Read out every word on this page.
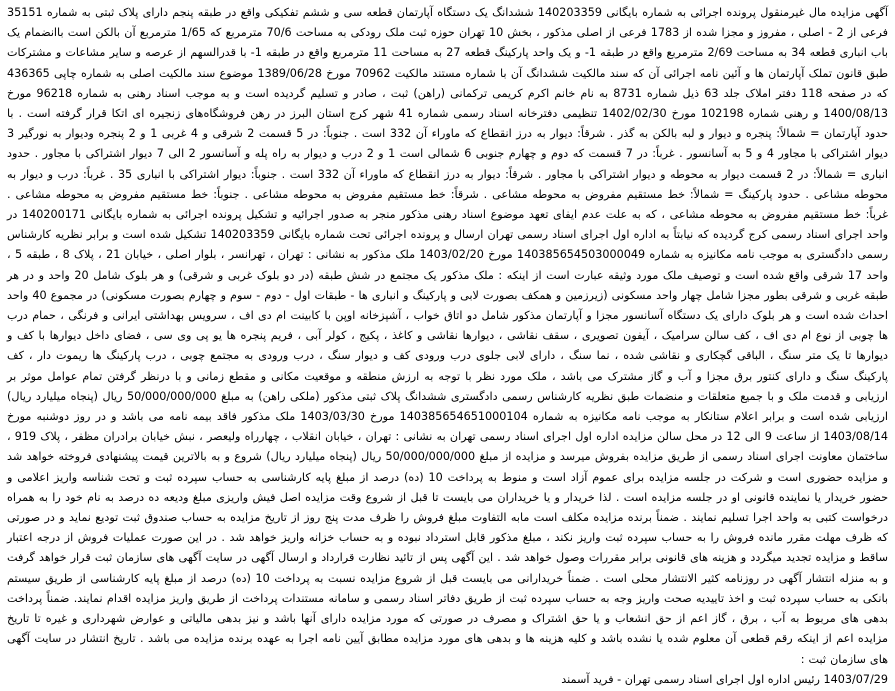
آگهی مزایده مال غیرمنقول پرونده اجرائی به شماره بایگانی 140203359 ششدانگ یک دستگاه آپارتمان قطعه سی و ششم تفکیکی واقع در طبقه پنجم دارای پلاک ثبتی به شماره 35151 فرعی از 2 - اصلی ، مفروز و مجزا شده از 1783 فرعی از اصلی مذکور ، بخش 10 تهران حوزه ثبت ملک رودکی به مساحت 70/6 مترمربع که 1/65 مترمربع آن بالکن است باانضمام یک باب انباری قطعه 34 به مساحت 2/69 مترمربع واقع در طبقه 1- و یک واحد پارکینگ قطعه 27 به مساحت 11 مترمربع واقع در طبقه 1- با قدرالسهم از عرصه و سایر مشاعات و مشترکات طبق قانون تملک آپارتمان ها و آئین نامه اجرائی آن که سند مالکیت ششدانگ آن با شماره مستند مالکیت 70962 مورخ 1389/06/28 موضوع سند مالکیت اصلی به شماره چاپی 436365 که در صفحه 118 دفتر املاک جلد 63 ذیل شماره 8731 به نام خانم اکرم کریمی ترکمانی (راهن) ثبت ، صادر و تسلیم گردیده است و به موجب اسناد رهنی به شماره 96218 مورخ 1400/08/13 و رهنی شماره 102198 مورخ 1402/02/30 تنظیمی دفترخانه اسناد رسمی شماره 41 شهر کرج استان البرز در رهن فروشگاه‌های زنجیره ای اتکا قرار گرفته است . با حدود آپارتمان = شمالاً: پنجره و دیوار و لبه بالکن به گذر . شرقاً: دیوار به درز انقطاع که ماوراء آن 332 است . جنوباً: در 5 قسمت 2 شرقی و 4 غربی 1 و 2 پنجره ودیوار به نورگیر 3 دیوار اشتراکی با مجاور 4 و 5 به آسانسور . غرباً: در 7 قسمت که دوم و چهارم جنوبی 6 شمالی است 1 و 2 درب و دیوار به راه پله و آسانسور 2 الی 7 دیوار اشتراکی با مجاور . حدود انباری = شمالاً: در 2 قسمت دیوار به محوطه و دیوار اشتراکی با مجاور . شرقاً: دیوار به درز انقطاع که ماوراء آن 332 است . جنوباً: دیوار اشتراکی با انباری 35 . غرباً: درب و دیوار به محوطه مشاعی . حدود پارکینگ = شمالاً: خط مستقیم مفروض به محوطه مشاعی . شرقاً: خط مستقیم مفروض به محوطه مشاعی . جنوباً: خط مستقیم مفروض به محوطه مشاعی . غرباً: خط مستقیم مفروض به محوطه مشاعی ، که به علت عدم ایفای تعهد موضوع اسناد رهنی مذکور منجر به صدور اجرائیه و تشکیل پرونده اجرائی به شماره بایگانی 140200171 در واحد اجرای اسناد رسمی کرج گردیده که نیابتاً به اداره اول اجرای اسناد رسمی تهران ارسال و پرونده اجرائی تحت شماره بایگانی 140203359 تشکیل شده است و برابر نظریه کارشناس رسمی دادگستری به موجب نامه مکانیزه به شماره 140385654503000049 مورخ 1403/02/20 ملک مذکور به نشانی : تهران ، تهرانسر ، بلوار اصلی ، خیابان 21 ، پلاک 8 ، طبقه 5 ، واحد 17 شرقی واقع شده است و توصیف ملک مورد وثیقه عبارت است از اینکه : ملک مذکور یک مجتمع در شش طبقه (در دو بلوک غربی و شرقی) و هر بلوک شامل 20 واحد و در هر طبقه غربی و شرقی بطور مجزا شامل چهار واحد مسکونی (زیرزمین و همکف بصورت لابی و پارکینگ و انباری ها - طبقات اول - دوم - سوم و چهارم بصورت مسکونی) در مجموع 40 واحد احداث شده است و هر بلوک دارای یک دستگاه آسانسور مجزا و آپارتمان مذکور شامل دو اتاق خواب ، آشپزخانه اوپن با کابینت ام دی اف ، سرویس بهداشتی ایرانی و فرنگی ، حمام درب ها چوبی از نوع ام دی اف ، کف سالن سرامیک ، آیفون تصویری ، سقف نقاشی ، دیوارها نقاشی و کاغذ ، پکیج ، کولر آبی ، فریم پنجره ها یو پی وی سی ، فضای داخل دیوارها با کف و دیوارها تا یک متر سنگ ، الباقی گچکاری و نقاشی شده ، نما سنگ ، دارای لابی جلوی درب ورودی کف و دیوار سنگ ، درب ورودی به مجتمع چوبی ، درب پارکینگ ها ریموت دار ، کف پارکینگ سنگ و دارای کنتور برق مجزا و آب و گاز مشترک می باشد ، ملک مورد نظر با توجه به ارزش منطقه و موقعیت مکانی و مقطع زمانی و با درنظر گرفتن تمام عوامل موثر بر ارزیابی و قدمت ملک و با جمیع متعلقات و منضمات طبق نظریه کارشناس رسمی دادگستری ششدانگ پلاک ثبتی مذکور (ملکی راهن) به مبلغ 50/000/000/000 ریال (پنجاه میلیارد ریال) ارزیابی شده است و برابر اعلام ستانکار به موجب نامه مکانیزه به شماره 140385654651000104 مورخ 1403/03/30 ملک مذکور فاقد بیمه نامه می باشد و در روز دوشنبه مورخ 1403/08/14 از ساعت 9 الی 12 در محل سالن مزایده اداره اول اجرای اسناد رسمی تهران به نشانی : تهران ، خیابان انقلاب ، چهارراه ولیعصر ، نبش خیابان برادران مظفر ، پلاک 919 ، ساختمان معاونت اجرای اسناد رسمی از طریق مزایده بفروش میرسد و مزایده از مبلغ 50/000/000/000 ریال (پنجاه میلیارد ریال) شروع و به بالاترین قیمت پیشنهادی فروخته خواهد شد و مزایده حضوری است و شرکت در جلسه مزایده برای عموم آزاد است و منوط به پرداخت 10 (ده) درصد از مبلغ پایه کارشناسی به حساب سپرده ثبت و تحت شناسه واریز اعلامی و حضور خریدار یا نماینده قانونی او در جلسه مزایده است . لذا خریدار و یا خریداران می بایست تا قبل از شروع وقت مزایده اصل فیش واریزی مبلغ ودیعه ده درصد به نام خود را به همراه درخواست کتبی به واحد اجرا تسلیم نمایند . ضمناً برنده مزایده مکلف است مابه التفاوت مبلغ فروش را ظرف مدت پنج روز از تاریخ مزایده به حساب صندوق ثبت تودیع نماید و در صورتی که ظرف مهلت مقرر مانده فروش را به حساب سپرده ثبت واریز نکند ، مبلغ مذکور قابل استرداد نبوده و به حساب خزانه واریز خواهد شد . در این صورت عملیات فروش از درجه اعتبار ساقط و مزایده تجدید میگردد و هزینه های قانونی برابر مقررات وصول خواهد شد . این آگهی پس از تائید نظارت قرارداد و ارسال آگهی در سایت آگهی های سازمان ثبت قرار خواهد گرفت و به منزله انتشار آگهی در روزنامه کثیر الانتشار محلی است . ضمناً خریدارانی می بایست قبل از شروع مزایده نسبت به پرداخت 10 (ده) درصد از مبلغ پایه کارشناسی از طریق سیستم بانکی به حساب سپرده ثبت و اخذ تاییدیه صحت واریز وجه به حساب سپرده ثبت از طریق دفاتر اسناد رسمی و سامانه مستندات پرداخت از طریق واریز مزایده اقدام نمایند. ضمناً پرداخت بدهی های مربوط به آب ، برق ، گاز اعم از حق انشعاب و یا حق اشتراک و مصرف در صورتی که مورد مزایده دارای آنها باشد و نیز بدهی مالیاتی و عوارض شهرداری و غیره تا تاریخ مزایده اعم از اینکه رقم قطعی آن معلوم شده یا نشده باشد و کلیه هزینه ها و بدهی های مورد مزایده مطابق آیین نامه اجرا به عهده برنده مزایده می باشد . تاریخ انتشار در سایت آگهی های سازمان ثبت :

1403/07/29 رئیس اداره اول اجرای اسناد رسمی تهران - فرید آسمند
